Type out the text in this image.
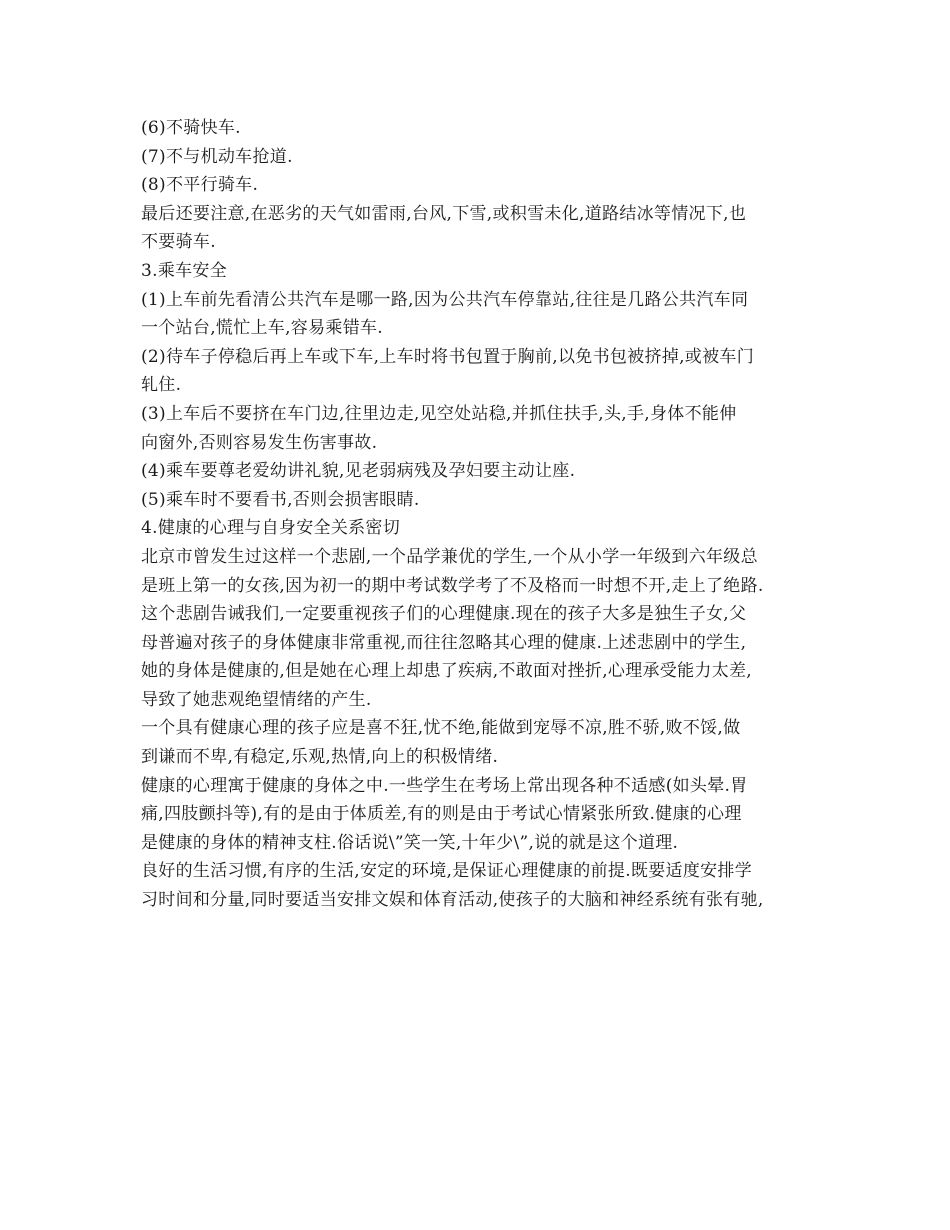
(6)不骑快车.
(7)不与机动车抢道.
(8)不平行骑车.
最后还要注意,在恶劣的天气如雷雨,台风,下雪,或积雪未化,道路结冰等情况下,也
不要骑车.
3.乘车安全
(1)上车前先看清公共汽车是哪一路,因为公共汽车停靠站,往往是几路公共汽车同
一个站台,慌忙上车,容易乘错车.
(2)待车子停稳后再上车或下车,上车时将书包置于胸前,以免书包被挤掉,或被车门
轧住.
(3)上车后不要挤在车门边,往里边走,见空处站稳,并抓住扶手,头,手,身体不能伸
向窗外,否则容易发生伤害事故.
(4)乘车要尊老爱幼讲礼貌,见老弱病残及孕妇要主动让座.
(5)乘车时不要看书,否则会损害眼睛.
4.健康的心理与自身安全关系密切
北京市曾发生过这样一个悲剧,一个品学兼优的学生,一个从小学一年级到六年级总
是班上第一的女孩,因为初一的期中考试数学考了不及格而一时想不开,走上了绝路.
这个悲剧告诫我们,一定要重视孩子们的心理健康.现在的孩子大多是独生子女,父
母普遍对孩子的身体健康非常重视,而往往忽略其心理的健康.上述悲剧中的学生,
她的身体是健康的,但是她在心理上却患了疾病,不敢面对挫折,心理承受能力太差,
导致了她悲观绝望情绪的产生.
一个具有健康心理的孩子应是喜不狂,忧不绝,能做到宠辱不凉,胜不骄,败不馁,做
到谦而不卑,有稳定,乐观,热情,向上的积极情绪.
健康的心理寓于健康的身体之中.一些学生在考场上常出现各种不适感(如头晕.胃
痛,四肢颤抖等),有的是由于体质差,有的则是由于考试心情紧张所致.健康的心理
是健康的身体的精神支柱.俗话说\”笑一笑,十年少\”,说的就是这个道理.
良好的生活习惯,有序的生活,安定的环境,是保证心理健康的前提.既要适度安排学
习时间和分量,同时要适当安排文娱和体育活动,使孩子的大脑和神经系统有张有驰,
